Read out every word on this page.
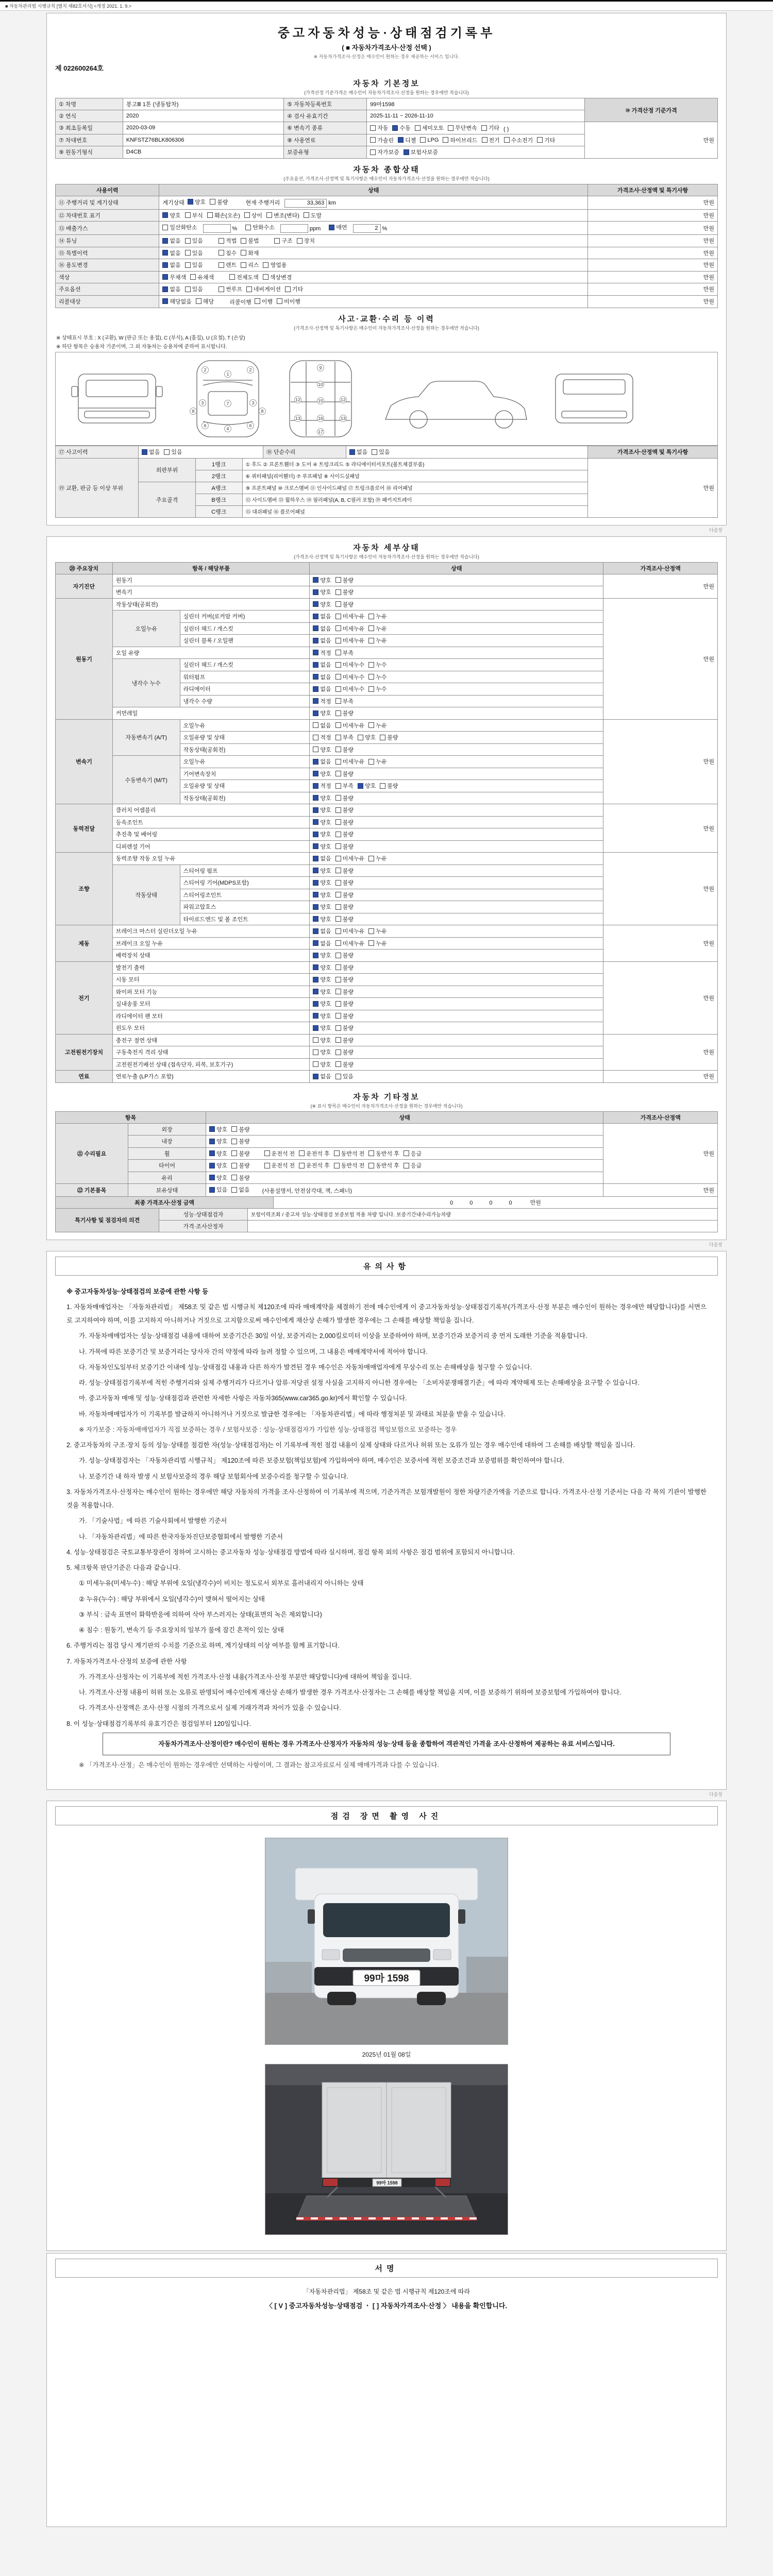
■ 자동차관리법 시행규칙 [별지 제82호서식] <개정 2021. 1. 9.>
중고자동차성능·상태점검기록부
( ■ 자동차가격조사·산정 선택 )
※ 자동차가격조사·산정은 매수인이 원하는 경우 제공하는 서비스 입니다.
제 022600264호
자동차 기본정보
(가격산정 기준가격은 매수인이 자동차가격조사·산정을 원하는 경우에만 적습니다)
① 차명	봉고Ⅲ 1톤 (냉동탑차)	⑤ 자동차등록번호	99마1598	⑩ 가격산정 기준가격
② 연식	2020	④ 검사 유효기간	2025-11-11 ~ 2026-11-10	
③ 최초등록일	2020-03-09	⑥ 변속기 종류	자동 수동 세미오토 무단변속 기타 ( )	만원
⑦ 차대번호	KNFSTZ76BLK806306	⑧ 사용연료	가솔린 디젤 LPG 하이브리드 전기 수소전기 기타
⑨ 원동기형식	D4CB	보증유형	자가보증 보험사보증	
자동차 종합상태
(주요옵션, 가격조사·산정액 및 특기사항은 매수인이 자동차가격조사·산정을 원하는 경우에만 적습니다)
사용이력	상태	가격조사·산정액 및 특기사항
⑪ 주행거리 및 계기상태	계기상태 양호 불량 현재 주행거리 33,363 km	만원
⑫ 차대번호 표기	양호 부식 훼손(오손) 상이 변조(변타) 도말	만원
⑬ 배출가스	일산화탄소 % 탄화수소 ppm 매연 2 %	만원
⑭ 튜닝	없음 있음	적법 불법	구조 장치	만원
⑮ 특별이력	없음 있음 침수 화재	만원
⑯ 용도변경	없음 있음 렌트 리스 영업용	만원
색상	무채색 유채색 전체도색 색상변경	만원
주요옵션	없음 있음 썬루프 네비게이션 기타	만원
리콜대상	해당없음 해당 리콜이행 이행 미이행	만원
사고·교환·수리 등 이력
(가격조사·산정액 및 특기사항은 매수인이 자동차가격조사·산정을 원하는 경우에만 적습니다)
※ 상태표시 부호 : X (교환), W (판금 또는 용접), C (부식), A (흠집), U (요철), T (손상)
※ 하단 항목은 승용차 기준이며, 그 외 자동차는 승용차에 준하여 표시합니다.
1
2	2
3	3
7
4
6	6
8	8
9
10
12	12
15
16
13	13
17
⑰ 사고이력	없음 있음	⑱ 단순수리	없음 있음	가격조사·산정액 및 특기사항
⑲ 교환, 판금 등 이상 부위	외판부위	1랭크	① 후드 ② 프론트휀더 ③ 도어 ④ 트렁크리드 ⑤ 라디에이터서포트(볼트체결부품)	만원
		2랭크	⑥ 쿼터패널(리어휀더) ⑦ 루프패널 ⑧ 사이드실패널	
	주요골격	A랭크	⑨ 프론트패널 ⑩ 크로스멤버 ⑪ 인사이드패널 ⑰ 트렁크플로어 ⑱ 리어패널	
		B랭크	⑫ 사이드멤버 ⑬ 휠하우스 ⑭ 필러패널(A, B, C필러 포함) ⑲ 패키지트레이	
		C랭크	⑮ 대쉬패널 ⑯ 플로어패널	
다음장
자동차 세부상태
(가격조사·산정액 및 특기사항은 매수인이 자동차가격조사·산정을 원하는 경우에만 적습니다)
⑳ 주요장치	항목 / 해당부품		상태	가격조사·산정액
자기진단	원동기		양호 불량	만원
	변속기		양호 불량	
원동기	작동상태(공회전)		양호 불량	만원
	오일누유	실린더 커버(로커암 커버)	없음 미세누유 누유	
		실린더 헤드 / 개스킷	없음 미세누유 누유	
		실린더 블록 / 오일팬	없음 미세누유 누유	
	오일 유량		적정 부족	
	냉각수 누수	실린더 헤드 / 개스킷	없음 미세누수 누수	
		워터펌프	없음 미세누수 누수	
		라디에이터	없음 미세누수 누수	
		냉각수 수량	적정 부족	
	커먼레일		양호 불량	
변속기	자동변속기 (A/T)	오일누유	없음 미세누유 누유	만원
		오일유량 및 상태	적정 부족 양호 불량	
		작동상태(공회전)	양호 불량	
	수동변속기 (M/T)	오일누유	없음 미세누유 누유	
		기어변속장치	양호 불량	
		오일유량 및 상태	적정 부족 양호 불량	
		작동상태(공회전)	양호 불량	
동력전달	클러치 어셈블리		양호 불량	만원
	등속조인트		양호 불량	
	추진축 및 베어링		양호 불량	
	디퍼렌셜 기어		양호 불량	
조향	동력조향 작동 오일 누유		없음 미세누유 누유	만원
	작동상태	스티어링 펌프	양호 불량	
		스티어링 기어(MDPS포함)	양호 불량	
		스티어링조인트	양호 불량	
		파워고압호스	양호 불량	
		타이로드엔드 및 볼 조인트	양호 불량	
제동	브레이크 마스터 실린더오일 누유		없음 미세누유 누유	만원
	브레이크 오일 누유		없음 미세누유 누유	
	배력장치 상태		양호 불량	
전기	발전기 출력		양호 불량	만원
	시동 모터		양호 불량	
	와이퍼 모터 기능		양호 불량	
	실내송풍 모터		양호 불량	
	라디에이터 팬 모터		양호 불량	
	윈도우 모터		양호 불량	
고전원전기장치	충전구 절연 상태		양호 불량	만원
	구동축전지 격리 상태		양호 불량	
	고전원전기배선 상태 (접속단자, 피복, 보호기구)		양호 불량	
연료	연료누출 (LP가스 포함)		없음 있음	만원
자동차 기타정보
(※ 표시 항목은 매수인이 자동차가격조사·산정을 원하는 경우에만 적습니다)
항목		상태	가격조사·산정액
㉑ 수리필요	외장	양호 불량	만원
	내장	양호 불량	
휠	양호 불량	운전석 전 운전석 후 동반석 전 동반석 후 응급
타이어	양호 불량	운전석 전 운전석 후 동반석 전 동반석 후 응급
	유리	양호 불량	
㉒ 기본품목	보유상태	있음 없음 (사용설명서, 안전삼각대, 잭, 스패너)	만원
최종 가격조사·산정 금액	0	0	0	0	만원
특기사항 및 점검자의 의견	성능·상태점검자	보험이력조회 / 중고차 성능·상태점검 보증보험 적용 차량 입니다. 보증기간내수리가능차량
	가격·조사산정자	
다음장
유의사항
※ 중고자동차성능·상태점검의 보증에 관한 사항 등
1. 자동차매매업자는 「자동차관리법」 제58조 및 같은 법 시행규칙 제120조에 따라 매매계약을 체결하기 전에 매수인에게 이 중고자동차성능·상태점검기록부(가격조사·산정 부분은 매수인이 원하는 경우에만 해당합니다)를 서면으로 고지하여야 하며, 이를 고지하지 아니하거나 거짓으로 고지함으로써 매수인에게 재산상 손해가 발생한 경우에는 그 손해를 배상할 책임을 집니다.
가. 자동차매매업자는 성능·상태점검 내용에 대하여 보증기간은 30일 이상, 보증거리는 2,000킬로미터 이상을 보증하여야 하며, 보증기간과 보증거리 중 먼저 도래한 기준을 적용합니다.
나. 가목에 따른 보증기간 및 보증거리는 당사자 간의 약정에 따라 늘려 정할 수 있으며, 그 내용은 매매계약서에 적어야 합니다.
다. 자동차인도일부터 보증기간 이내에 성능·상태점검 내용과 다른 하자가 발견된 경우 매수인은 자동차매매업자에게 무상수리 또는 손해배상을 청구할 수 있습니다.
라. 성능·상태점검기록부에 적힌 주행거리와 실제 주행거리가 다르거나 압류·저당권 설정 사실을 고지하지 아니한 경우에는 「소비자분쟁해결기준」에 따라 계약해제 또는 손해배상을 요구할 수 있습니다.
마. 중고자동차 매매 및 성능·상태점검과 관련한 자세한 사항은 자동차365(www.car365.go.kr)에서 확인할 수 있습니다.
바. 자동차매매업자가 이 기록부를 발급하지 아니하거나 거짓으로 발급한 경우에는 「자동차관리법」에 따라 행정처분 및 과태료 처분을 받을 수 있습니다.
※ 자가보증 : 자동차매매업자가 직접 보증하는 경우 / 보험사보증 : 성능·상태점검자가 가입한 성능·상태점검 책임보험으로 보증하는 경우
2. 중고자동차의 구조·장치 등의 성능·상태를 점검한 자(성능·상태점검자)는 이 기록부에 적힌 점검 내용이 실제 상태와 다르거나 허위 또는 오류가 있는 경우 매수인에 대하여 그 손해를 배상할 책임을 집니다.
가. 성능·상태점검자는 「자동차관리법 시행규칙」 제120조에 따른 보증보험(책임보험)에 가입하여야 하며, 매수인은 보증서에 적힌 보증조건과 보증범위를 확인하여야 합니다.
나. 보증기간 내 하자 발생 시 보험사보증의 경우 해당 보험회사에 보증수리를 청구할 수 있습니다.
3. 자동차가격조사·산정자는 매수인이 원하는 경우에만 해당 자동차의 가격을 조사·산정하여 이 기록부에 적으며, 기준가격은 보험개발원이 정한 차량기준가액을 기준으로 합니다. 가격조사·산정 기준서는 다음 각 목의 기관이 발행한 것을 적용합니다.
가. 「기술사법」에 따른 기술사회에서 발행한 기준서
나. 「자동차관리법」에 따른 한국자동차진단보증협회에서 발행한 기준서
4. 성능·상태점검은 국토교통부장관이 정하여 고시하는 중고자동차 성능·상태점검 방법에 따라 실시하며, 점검 항목 외의 사항은 점검 범위에 포함되지 아니합니다.
5. 체크항목 판단기준은 다음과 같습니다.
① 미세누유(미세누수) : 해당 부위에 오일(냉각수)이 비치는 정도로서 외부로 흘러내리지 아니하는 상태
② 누유(누수) : 해당 부위에서 오일(냉각수)이 맺혀서 떨어지는 상태
③ 부식 : 금속 표면이 화학반응에 의하여 삭아 부스러지는 상태(표면의 녹은 제외합니다)
④ 침수 : 원동기, 변속기 등 주요장치의 일부가 물에 잠긴 흔적이 있는 상태
6. 주행거리는 점검 당시 계기판의 수치를 기준으로 하며, 계기상태의 이상 여부를 함께 표기합니다.
7. 자동차가격조사·산정의 보증에 관한 사항
가. 가격조사·산정자는 이 기록부에 적힌 가격조사·산정 내용(가격조사·산정 부분만 해당합니다)에 대하여 책임을 집니다.
나. 가격조사·산정 내용이 허위 또는 오류로 판명되어 매수인에게 재산상 손해가 발생한 경우 가격조사·산정자는 그 손해를 배상할 책임을 지며, 이를 보증하기 위하여 보증보험에 가입하여야 합니다.
다. 가격조사·산정액은 조사·산정 시점의 가격으로서 실제 거래가격과 차이가 있을 수 있습니다.
8. 이 성능·상태점검기록부의 유효기간은 점검일부터 120일입니다.
자동차가격조사·산정이란? 매수인이 원하는 경우 가격조사·산정자가 자동차의 성능·상태 등을 종합하여 객관적인 가격을 조사·산정하여 제공하는 유료 서비스입니다.
※ 「가격조사·산정」은 매수인이 원하는 경우에만 선택하는 사항이며, 그 결과는 참고자료로서 실제 매매가격과 다를 수 있습니다.
다음장
점검 장면 촬영 사진
99마 1598
2025년 01월 08일
99마 1598
서명
「자동차관리법」 제58조 및 같은 법 시행규칙 제120조에 따라
〈 [ V ] 중고자동차성능·상태점검 ㆍ [ ] 자동차가격조사·산정 〉 내용을 확인합니다.
